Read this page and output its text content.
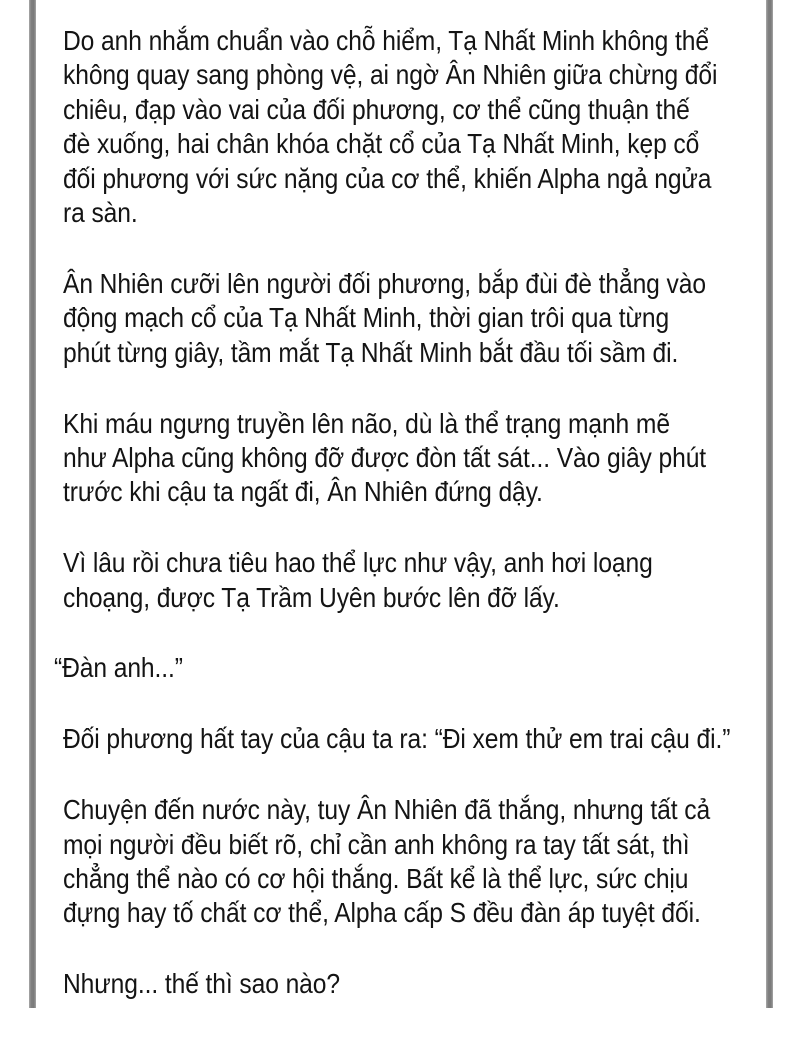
Do anh nhắm chuẩn vào chỗ hiểm, Tạ Nhất Minh không thể
không quay sang phòng vệ, ai ngờ Ân Nhiên giữa chừng đổi
chiêu, đạp vào vai của đối phương, cơ thể cũng thuận thế
đè xuống, hai chân khóa chặt cổ của Tạ Nhất Minh, kẹp cổ
đối phương với sức nặng của cơ thể, khiến Alpha ngả ngửa
ra sàn.

Ân Nhiên cưỡi lên người đối phương, bắp đùi đè thẳng vào
động mạch cổ của Tạ Nhất Minh, thời gian trôi qua từng
phút từng giây, tầm mắt Tạ Nhất Minh bắt đầu tối sầm đi.

Khi máu ngưng truyền lên não, dù là thể trạng mạnh mẽ
như Alpha cũng không đỡ được đòn tất sát... Vào giây phút
trước khi cậu ta ngất đi, Ân Nhiên đứng dậy.

Vì lâu rồi chưa tiêu hao thể lực như vậy, anh hơi loạng
choạng, được Tạ Trầm Uyên bước lên đỡ lấy.

“Đàn anh...”

Đối phương hất tay của cậu ta ra: “Đi xem thử em trai cậu đi.”

Chuyện đến nước này, tuy Ân Nhiên đã thắng, nhưng tất cả
mọi người đều biết rõ, chỉ cần anh không ra tay tất sát, thì
chẳng thể nào có cơ hội thắng. Bất kể là thể lực, sức chịu
đựng hay tố chất cơ thể, Alpha cấp S đều đàn áp tuyệt đối.

Nhưng... thế thì sao nào?
